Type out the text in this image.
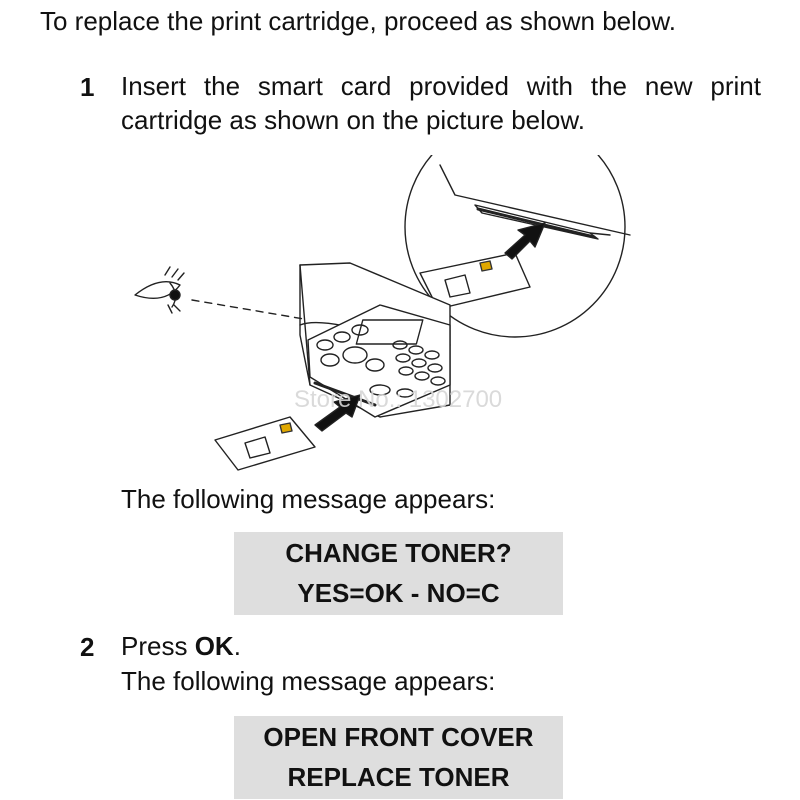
To replace the print cartridge, proceed as shown below.
1 Insert the smart card provided with the new print
cartridge as shown on the picture below.
Store No.: 1302700
The following message appears:
CHANGE TONER?
YES=OK - NO=C
2 Press OK.
The following message appears:
OPEN FRONT COVER
REPLACE TONER
